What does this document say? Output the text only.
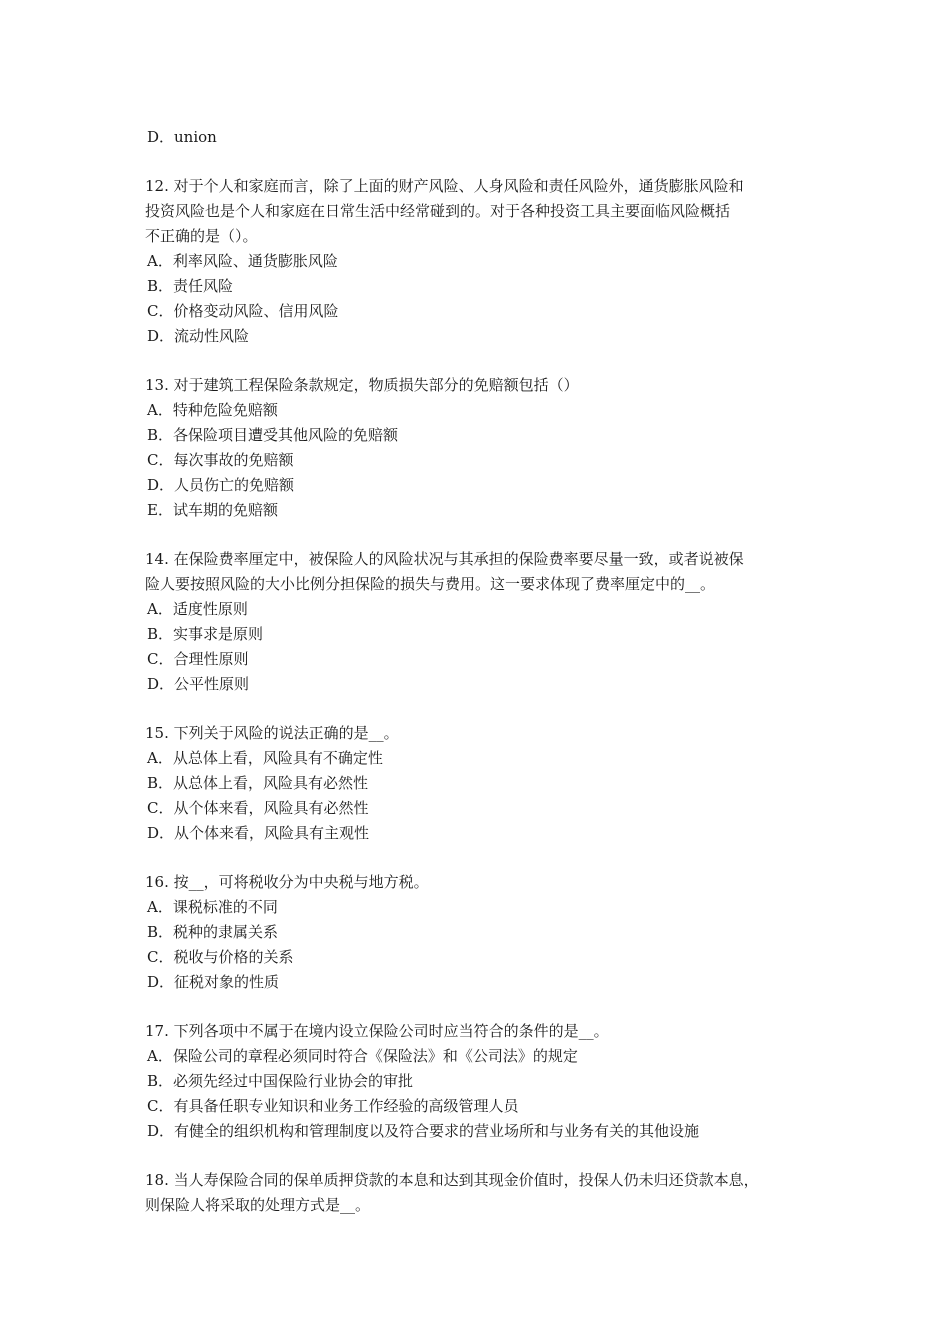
D．union
12. 对于个人和家庭而言，除了上面的财产风险、人身风险和责任风险外，通货膨胀风险和
投资风险也是个人和家庭在日常生活中经常碰到的。对于各种投资工具主要面临风险概括
不正确的是（）。
A．利率风险、通货膨胀风险
B．责任风险
C．价格变动风险、信用风险
D．流动性风险
13. 对于建筑工程保险条款规定，物质损失部分的免赔额包括（）
A．特种危险免赔额
B．各保险项目遭受其他风险的免赔额
C．每次事故的免赔额
D．人员伤亡的免赔额
E．试车期的免赔额
14. 在保险费率厘定中，被保险人的风险状况与其承担的保险费率要尽量一致，或者说被保
险人要按照风险的大小比例分担保险的损失与费用。这一要求体现了费率厘定中的__。
A．适度性原则
B．实事求是原则
C．合理性原则
D．公平性原则
15. 下列关于风险的说法正确的是__。
A．从总体上看，风险具有不确定性
B．从总体上看，风险具有必然性
C．从个体来看，风险具有必然性
D．从个体来看，风险具有主观性
16. 按__，可将税收分为中央税与地方税。
A．课税标准的不同
B．税种的隶属关系
C．税收与价格的关系
D．征税对象的性质
17. 下列各项中不属于在境内设立保险公司时应当符合的条件的是__。
A．保险公司的章程必须同时符合《保险法》和《公司法》的规定
B．必须先经过中国保险行业协会的审批
C．有具备任职专业知识和业务工作经验的高级管理人员
D．有健全的组织机构和管理制度以及符合要求的营业场所和与业务有关的其他设施
18. 当人寿保险合同的保单质押贷款的本息和达到其现金价值时，投保人仍未归还贷款本息，
则保险人将采取的处理方式是__。
